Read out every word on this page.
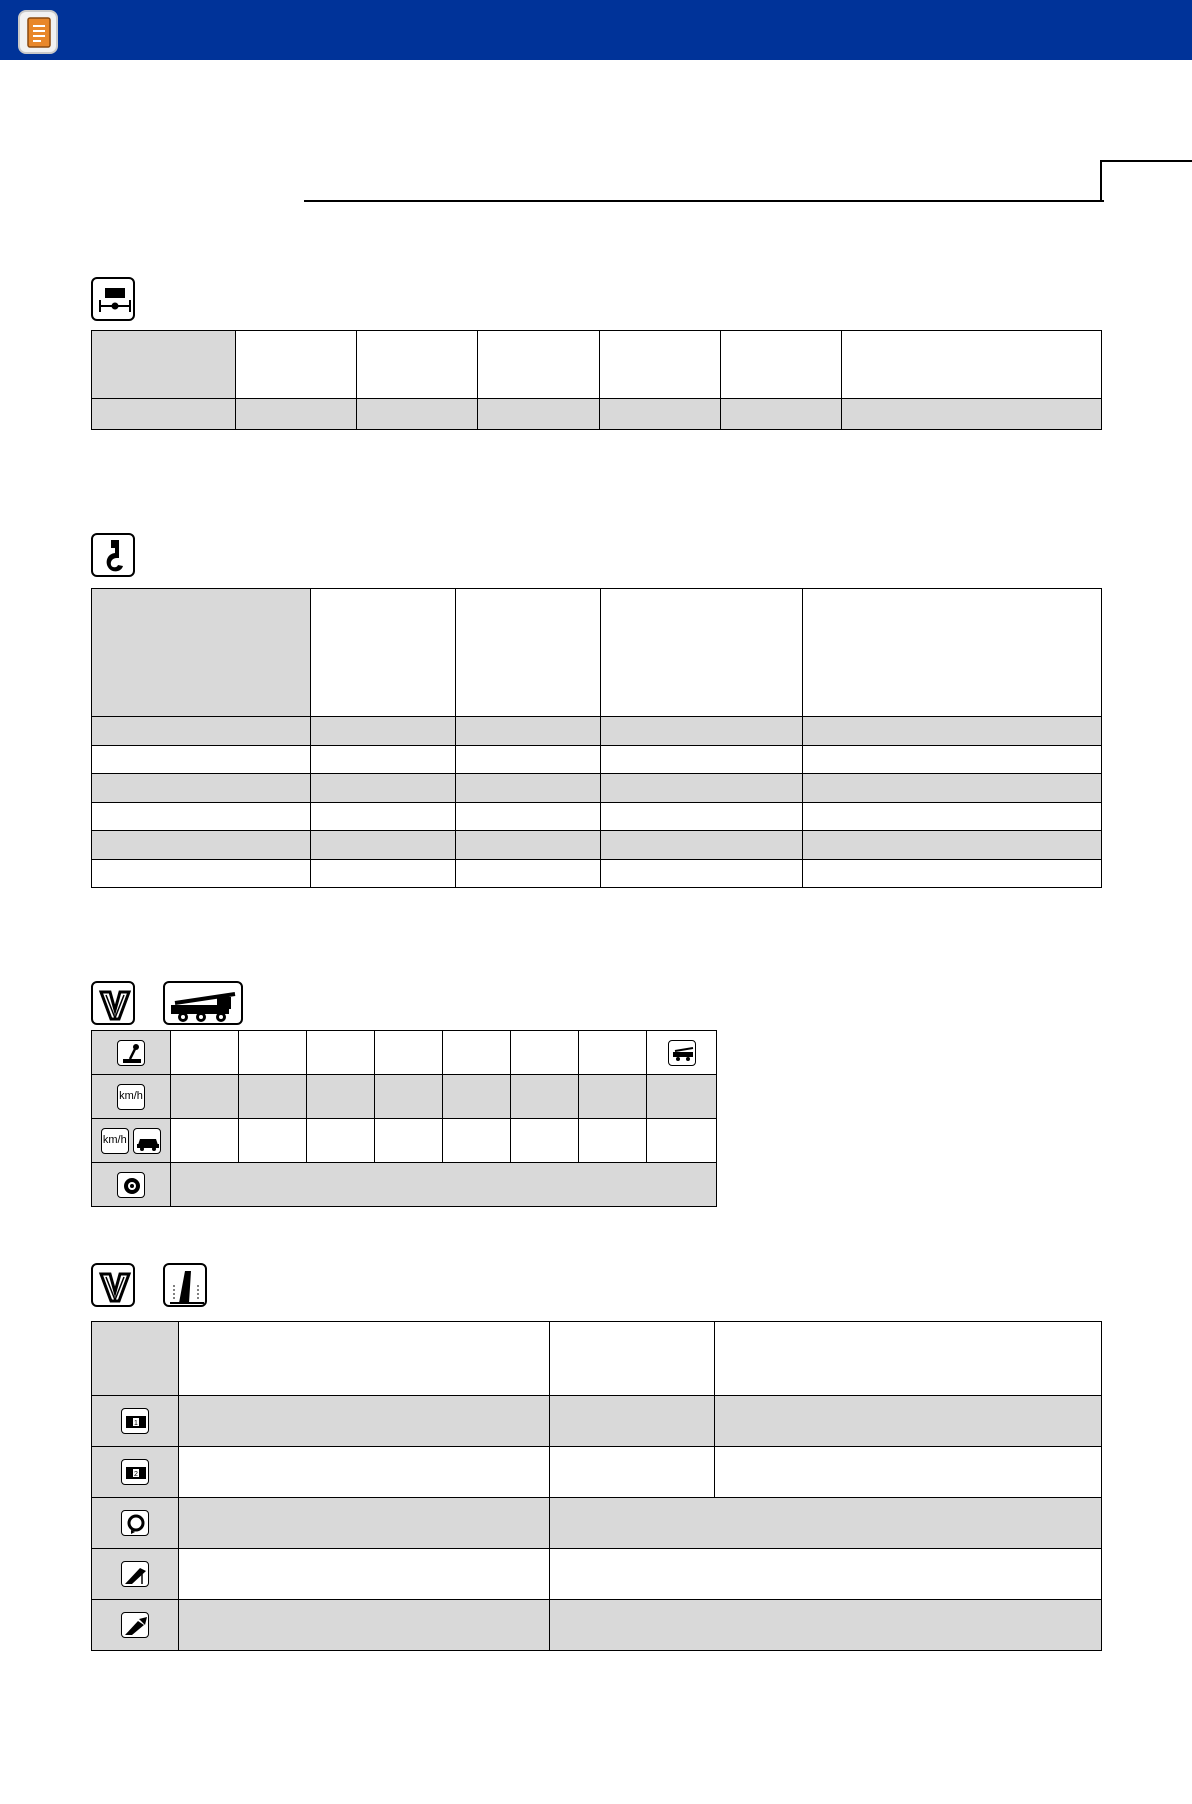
km/h								
km/h

1			

2			
